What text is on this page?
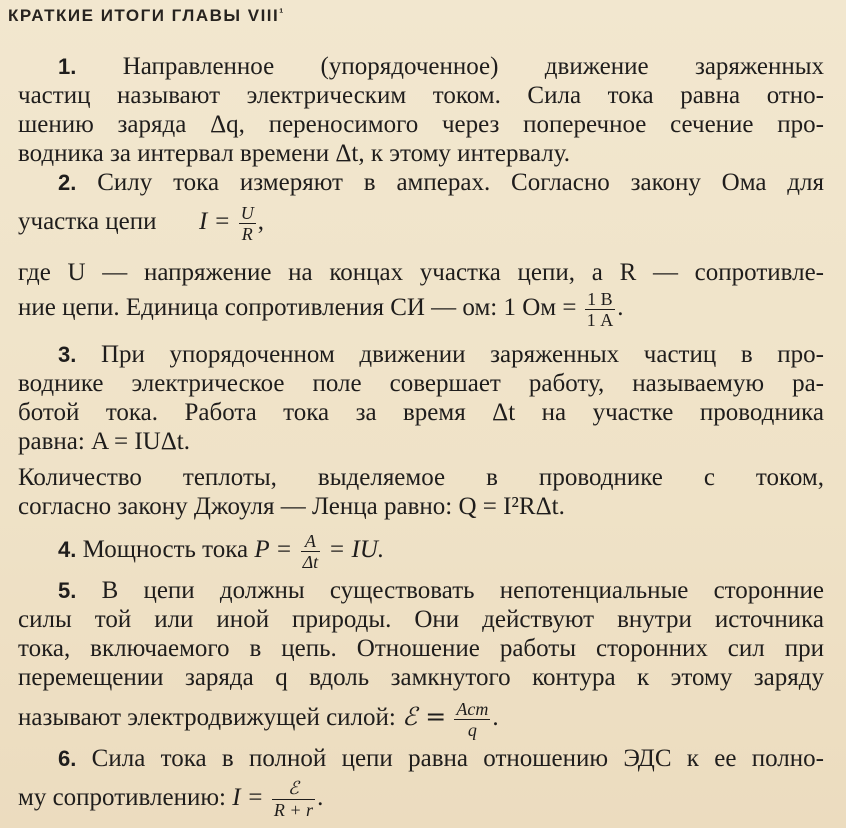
КРАТКИЕ ИТОГИ ГЛАВЫ $VIII^{^1}$
1. Направленное (упорядоченное) движение заряженных
частиц называют электрическим током. Сила тока равна отно-
шению заряда Δq, переносимого через поперечное сечение про-
водника за интервал времени Δt, к этому интервалу.
2. Силу тока измеряют в амперах. Согласно закону Ома для
участка цепи $I = \frac{U}{R}$ ,
где U — напряжение на концах участка цепи, а R — сопротивле-
ние цепи. Единица сопротивления СИ — ом: 1 Ом = $\frac{1 В}{1 А}$ .
3. При упорядоченном движении заряженных частиц в про-
воднике электрическое поле совершает работу, называемую ра-
ботой тока. Работа тока за время Δt на участке проводника
равна: A = IUΔt.
Количество теплоты, выделяемое в проводнике с током,
согласно закону Джоуля — Ленца равно: Q = I²RΔt.
4. Мощность тока $P = \frac{A}{\Delta t}$ = IU.
5. В цепи должны существовать непотенциальные сторонние
силы той или иной природы. Они действуют внутри источника
тока, включаемого в цепь. Отношение работы сторонних сил при
перемещении заряда q вдоль замкнутого контура к этому заряду
называют электродвижущей силой: ℰ = $\frac{\text{Aст}}{q}$ .
6. Сила тока в полной цепи равна отношению ЭДС к ее полно-
му сопротивлению: $I = \frac{\text{ℰ}}{R + r}$ .
